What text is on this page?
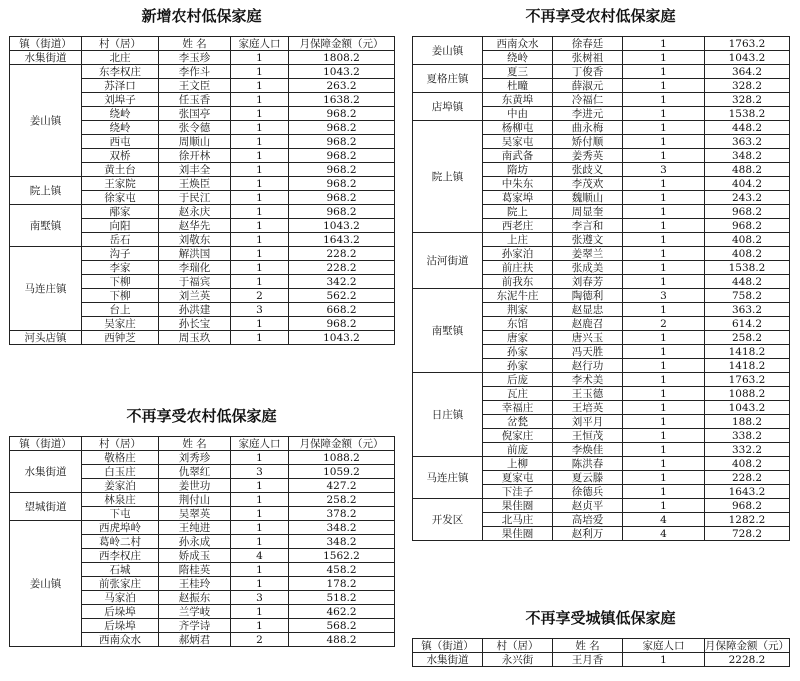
新增农村低保家庭
镇（街道）	村（居）	姓 名	家庭人口	月保障金额（元）
水集街道	北庄	李玉珍	1	1808.2
姜山镇	东李权庄	李作斗	1	1043.2
	苏泽口	王文臣	1	263.2
	刘埠子	任玉香	1	1638.2
	绕岭	张国亭	1	968.2
	绕岭	张令德	1	968.2
	西屯	周顺山	1	968.2
	双桥	徐开林	1	968.2
	黄土台	刘丰全	1	968.2
院上镇	王家院	王焕臣	1	968.2
	徐家屯	于民江	1	968.2
南墅镇	邴家	赵永庆	1	968.2
	向阳	赵华先	1	1043.2
	岳石	刘敬东	1	1643.2
马连庄镇	沟子	解洪国	1	228.2
	李家	李瑞化	1	228.2
	下柳	于福宾	1	342.2
	下柳	刘兰英	2	562.2
	台上	孙洪建	3	668.2
	吴家庄	孙长宝	1	968.2
河头店镇	西钟芝	周玉玖	1	1043.2
不再享受农村低保家庭
镇（街道）	村（居）	姓 名	家庭人口	月保障金额（元）
水集街道	敬格庄	刘秀珍	1	1088.2
	白玉庄	仇翠红	3	1059.2
	姜家泊	姜世功	1	427.2
望城街道	林泉庄	荆付山	1	258.2
	下屯	吴翠英	1	378.2
姜山镇	西虎埠岭	王纯进	1	348.2
	葛岭二村	孙永成	1	348.2
	西李权庄	娇成玉	4	1562.2
	石城	隋桂英	1	458.2
	前张家庄	王桂玲	1	178.2
	马家泊	赵振东	3	518.2
	后垛埠	兰学岐	1	462.2
	后垛埠	齐学诗	1	568.2
	西南众水	郝炳君	2	488.2
不再享受农村低保家庭
姜山镇	西南众水	徐春廷	1	1763.2
	绕岭	张树祖	1	1043.2
夏格庄镇	夏三	丁俊香	1	364.2
	杜疃	薛淑元	1	328.2
店埠镇	东黄埠	冷福仁	1	328.2
	中由	李进元	1	1538.2
院上镇	杨柳屯	曲永梅	1	448.2
	吴家屯	矫付顺	1	363.2
	南武备	姜秀英	1	348.2
	隋坊	张歧义	3	488.2
	中朱东	李茂欢	1	404.2
	葛家埠	魏顺山	1	243.2
	院上	周显奎	1	968.2
	西老庄	李言和	1	968.2
沽河街道	上庄	张遵文	1	408.2
	孙家泊	姜翠兰	1	408.2
	前庄扶	张成美	1	1538.2
	前我东	刘春芳	1	448.2
南墅镇	东泥牛庄	陶德利	3	758.2
	荆家	赵显忠	1	363.2
	东馆	赵鹿召	2	614.2
	唐家	唐兴玉	1	258.2
	孙家	冯天胜	1	1418.2
	孙家	赵行功	1	1418.2
日庄镇	后庞	李术美	1	1763.2
	瓦庄	王玉德	1	1088.2
	幸福庄	王培英	1	1043.2
	岔甃	刘平月	1	188.2
	倪家庄	王恒茂	1	338.2
	前庞	李焕佳	1	332.2
马连庄镇	上柳	陈洪春	1	408.2
	夏家屯	夏云滕	1	228.2
	下洼子	徐德兵	1	1643.2
开发区	果佳圈	赵贞平	1	968.2
	北马庄	高培爱	4	1282.2
	果佳圈	赵利万	4	728.2
不再享受城镇低保家庭
镇（街道）	村（居）	姓 名	家庭人口	月保障金额（元）
水集街道	永兴街	王月香	1	2228.2
